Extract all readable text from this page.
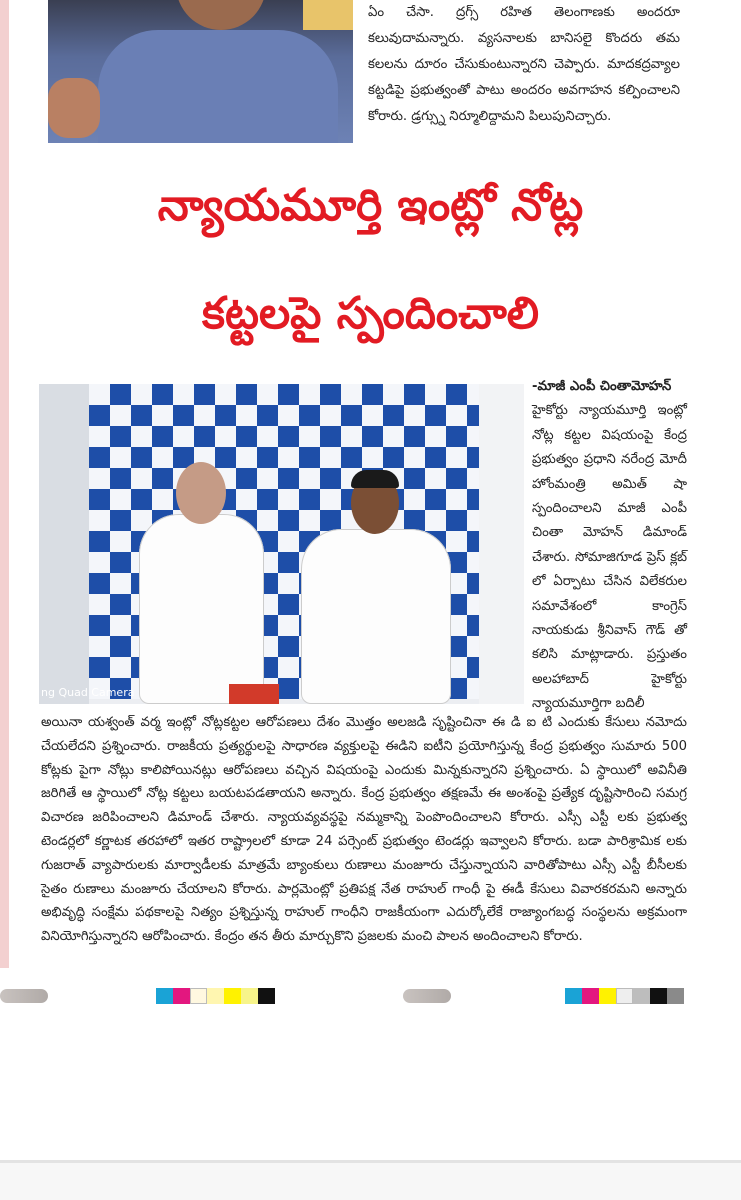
ఏం చేసా. ద్రగ్స్ రహిత తెలంగాణకు అందరూ కలువుదామన్నారు. వ్యసనాలకు బానిసలై కొందరు తమ కలలను దూరం చేసుకుంటున్నారని చెప్పారు. మాదకద్రవ్యాల కట్టడిపై ప్రభుత్వంతో పాటు అందరం అవగాహన కల్పించాలని కోరారు. డ్రగ్స్ను నిర్మూలిద్దామని పిలుపునిచ్చారు.

న్యాయమూర్తి ఇంట్లో నోట్ల
కట్టలపై స్పందించాలి
ng Quad Camera

-మాజీ ఎంపీ చింతామోహన్

హైకోర్టు న్యాయమూర్తి ఇంట్లో నోట్ల కట్టల విషయంపై కేంద్ర ప్రభుత్వం ప్రధాని నరేంద్ర మోదీ హోంమంత్రి అమిత్ షా స్పందించాలని మాజీ ఎంపీ చింతా మోహన్ డిమాండ్ చేశారు. సోమాజిగూడ ప్రెస్ క్లబ్ లో ఏర్పాటు చేసిన విలేకరుల సమావేశంలో కాంగ్రెస్ నాయకుడు శ్రీనివాస్ గౌడ్ తో కలిసి మాట్లాడారు. ప్రస్తుతం అలహాబాద్ హైకోర్టు న్యాయమూర్తిగా బదిలీ

అయినా యశ్వంత్ వర్మ ఇంట్లో నోట్లకట్టల ఆరోపణలు దేశం మొత్తం అలజడి సృష్టించినా ఈ డి ఐ టి ఎందుకు కేసులు నమోదు చేయలేదని ప్రశ్నించారు. రాజకీయ ప్రత్యర్థులపై సాధారణ వ్యక్తులపై ఈడిని ఐటీని ప్రయోగిస్తున్న కేంద్ర ప్రభుత్వం సుమారు 500 కోట్లకు పైగా నోట్లు కాలిపోయినట్లు ఆరోపణలు వచ్చిన విషయంపై ఎందుకు మిన్నకున్నారని ప్రశ్నించారు. ఏ స్థాయిలో అవినీతి జరిగితే ఆ స్థాయిలో నోట్ల కట్టలు బయటపడతాయని అన్నారు. కేంద్ర ప్రభుత్వం తక్షణమే ఈ అంశంపై ప్రత్యేక దృష్టిసారించి సమగ్ర విచారణ జరిపించాలని డిమాండ్ చేశారు. న్యాయవ్యవస్థపై నమ్మకాన్ని పెంపొందించాలని కోరారు. ఎస్సీ ఎస్టీ లకు ప్రభుత్వ టెండర్లలో కర్ణాటక తరహాలో ఇతర రాష్ట్రాలలో కూడా 24 పర్సెంట్ ప్రభుత్వం టెండర్లు ఇవ్వాలని కోరారు. బడా పారిశ్రామిక లకు గుజరాత్ వ్యాపారులకు మార్వాడీలకు మాత్రమే బ్యాంకులు రుణాలు మంజూరు చేస్తున్నాయని వారితోపాటు ఎస్సీ ఎస్టీ బీసీలకు సైతం రుణాలు మంజూరు చేయాలని కోరారు. పార్లమెంట్లో ప్రతిపక్ష నేత రాహుల్ గాంధీ పై ఈడీ కేసులు వివారకరమని అన్నారు అభివృద్ధి సంక్షేమ పథకాలపై నిత్యం ప్రశ్నిస్తున్న రాహుల్ గాంధీని రాజకీయంగా ఎదుర్కోలేకే రాజ్యాంగబద్ధ సంస్థలను అక్రమంగా వినియోగిస్తున్నారని ఆరోపించారు. కేంద్రం తన తీరు మార్చుకొని ప్రజలకు మంచి పాలన అందించాలని కోరారు.
